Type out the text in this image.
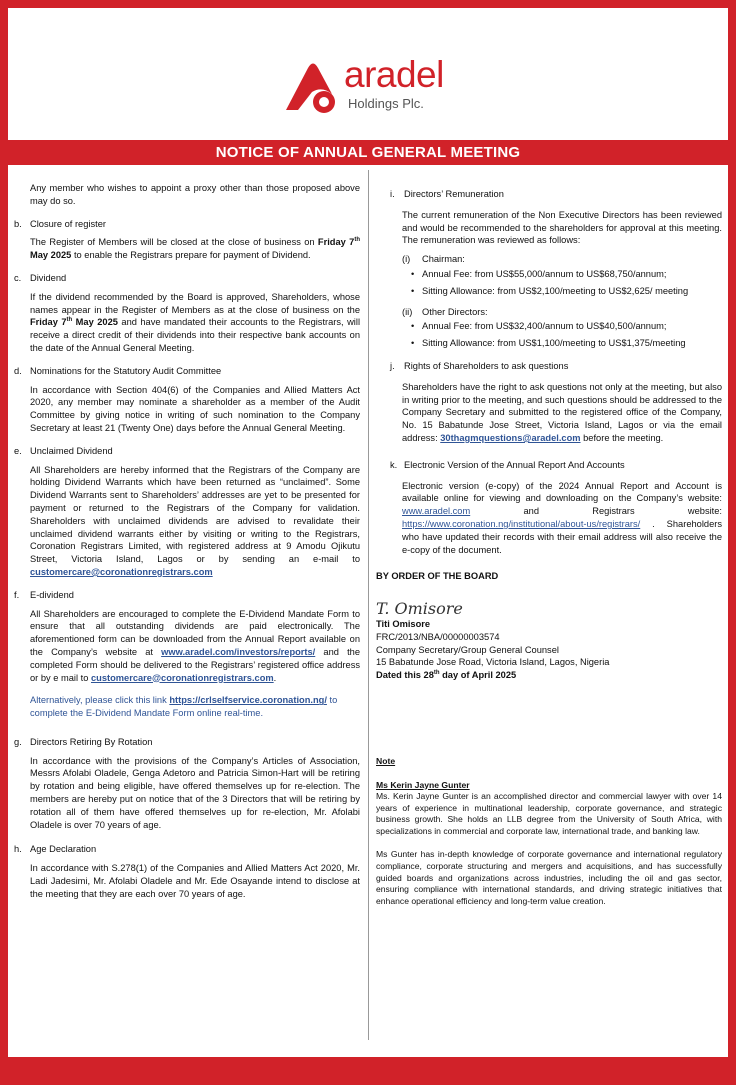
aradel
Holdings Plc.
NOTICE OF ANNUAL GENERAL MEETING

Any member who wishes to appoint a proxy other than those proposed above may do so.

b. Closure of register

The Register of Members will be closed at the close of business on Friday 7th May 2025 to enable the Registrars prepare for payment of Dividend.

c. Dividend

If the dividend recommended by the Board is approved, Shareholders, whose names appear in the Register of Members as at the close of business on the Friday 7th May 2025 and have mandated their accounts to the Registrars, will receive a direct credit of their dividends into their respective bank accounts on the date of the Annual General Meeting.

d. Nominations for the Statutory Audit Committee

In accordance with Section 404(6) of the Companies and Allied Matters Act 2020, any member may nominate a shareholder as a member of the Audit Committee by giving notice in writing of such nomination to the Company Secretary at least 21 (Twenty One) days before the Annual General Meeting.

e. Unclaimed Dividend

All Shareholders are hereby informed that the Registrars of the Company are holding Dividend Warrants which have been returned as “unclaimed”. Some Dividend Warrants sent to Shareholders’ addresses are yet to be presented for payment or returned to the Registrars of the Company for validation. Shareholders with unclaimed dividends are advised to revalidate their unclaimed dividend warrants either by visiting or writing to the Registrars, Coronation Registrars Limited, with registered address at 9 Amodu Ojikutu Street, Victoria Island, Lagos or by sending an e-mail to customercare@coronationregistrars.com

f.	E-dividend

All Shareholders are encouraged to complete the E-Dividend Mandate Form to ensure that all outstanding dividends are paid electronically. The aforementioned form can be downloaded from the Annual Report available on the Company’s website at www.aradel.com/investors/reports/ and the completed Form should be delivered to the Registrars’ registered office address or by e mail to customercare@coronationregistrars.com.

Alternatively, please click this link https://crlselfservice.coronation.ng/ to complete the E-Dividend Mandate Form online real-time.

g. Directors Retiring By Rotation

In accordance with the provisions of the Company’s Articles of Association, Messrs Afolabi Oladele, Genga Adetoro and Patricia Simon-Hart will be retiring by rotation and being eligible, have offered themselves up for re-election. The members are hereby put on notice that of the 3 Directors that will be retiring by rotation all of them have offered themselves up for re-election, Mr. Afolabi Oladele is over 70 years of age.

h. Age Declaration

In accordance with S.278(1) of the Companies and Allied Matters Act 2020, Mr. Ladi Jadesimi, Mr. Afolabi Oladele and Mr. Ede Osayande intend to disclose at the meeting that they are each over 70 years of age.

i.	Directors’ Remuneration

The current remuneration of the Non Executive Directors has been reviewed and would be recommended to the shareholders for approval at this meeting. The remuneration was reviewed as follows:

(i)	Chairman:
• Annual Fee: from US$55,000/annum to US$68,750/annum;
• Sitting Allowance: from US$2,100/meeting to US$2,625/ meeting
(ii)	Other Directors:
• Annual Fee: from US$32,400/annum to US$40,500/annum;
• Sitting Allowance: from US$1,100/meeting to US$1,375/meeting
j.	Rights of Shareholders to ask questions

Shareholders have the right to ask questions not only at the meeting, but also in writing prior to the meeting, and such questions should be addressed to the Company Secretary and submitted to the registered office of the Company, No. 15 Babatunde Jose Street, Victoria Island, Lagos or via the email address: 30thagmquestions@aradel.com before the meeting.

k. Electronic Version of the Annual Report And Accounts

Electronic version (e-copy) of the 2024 Annual Report and Account is available online for viewing and downloading on the Company’s website: www.aradel.com and Registrars website: https://www.coronation.ng/institutional/about-us/registrars/ . Shareholders who have updated their records with their email address will also receive the e-copy of the document.

BY ORDER OF THE BOARD

T. Omisore

Titi Omisore

FRC/2013/NBA/00000003574

Company Secretary/Group General Counsel

15 Babatunde Jose Road, Victoria Island, Lagos, Nigeria

Dated this 28th day of April 2025

Note

Ms Kerin Jayne Gunter

Ms. Kerin Jayne Gunter is an accomplished director and commercial lawyer with over 14 years of experience in multinational leadership, corporate governance, and strategic business growth. She holds an LLB degree from the University of South Africa, with specializations in commercial and corporate law, international trade, and banking law.

Ms Gunter has in-depth knowledge of corporate governance and international regulatory compliance, corporate structuring and mergers and acquisitions, and has successfully guided boards and organizations across industries, including the oil and gas sector, ensuring compliance with international standards, and driving strategic initiatives that enhance operational efficiency and long-term value creation.
